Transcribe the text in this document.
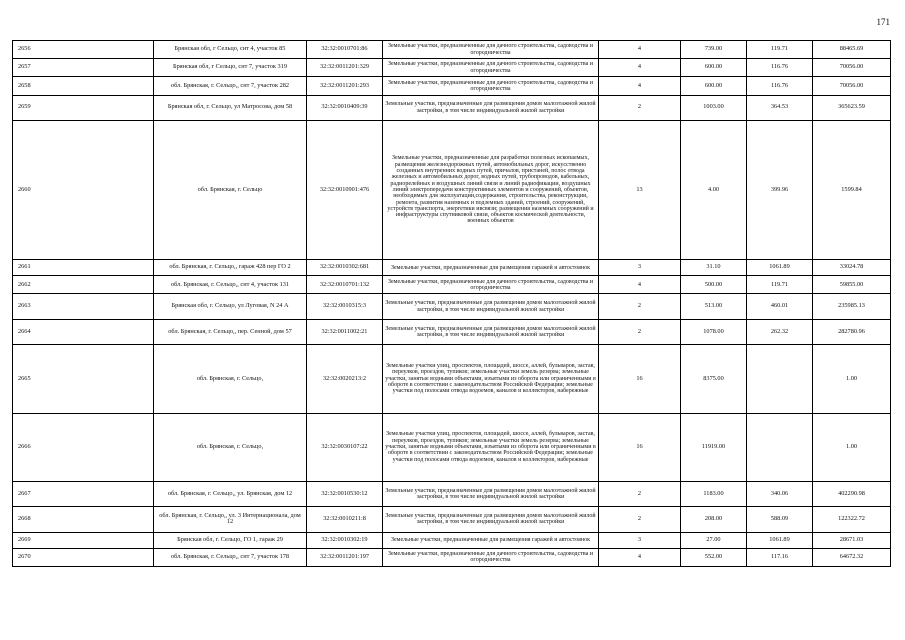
171
2656	Брянская обл, г Сельцо, снт 4, участок 85	32:32:0010701:86	Земельные участки, предназначенные для дачного строительства, садоводства и огородничества	4	739.00	119.71	88465.69
2657	Брянская обл, г Сельцо, снт 7, участок 319	32:32:0011201:329	Земельные участки, предназначенные для дачного строительства, садоводства и огородничества	4	600.00	116.76	70056.00
2658	обл. Брянская, г. Сельцо,, снт 7, участок 282	32:32:0011201:293	Земельные участки, предназначенные для дачного строительства, садоводства и огородничества	4	600.00	116.76	70056.00
2659	Брянская обл, г. Сельцо, ул Матросова, дом 58	32:32:0010409:39	Земельные участки, предназначенные для размещения домов малоэтажной жилой застройки, в том числе индивидуальной жилой застройки	2	1003.00	364.53	365623.59
2660	обл. Брянская, г. Сельцо	32:32:0010901:476	Земельные участки, предназначенные для разработки полезных ископаемых, размещения железнодорожных путей, автомобильных дорог, искусственно созданных внутренних водных путей, причалов, пристаней, полос отвода железных и автомобильных дорог, водных путей, трубопроводов, кабельных, радиорелейных и воздушных линий связи и линий радиофикации, воздушных линий электропередачи конструктивных элементов и сооружений, объектов, необходимых для эксплуатации,содержания, строительства, реконструкции, ремонта, развития наземных и подземных зданий, строений, сооружений, устройств транспорта, энергетики ивсвязи; размещения наземных сооружений и инфраструктуры спутниковой связи, объектов космической деятельности, военных объектов	13	4.00	399.96	1599.84
2661	обл. Брянская, г. Сельцо,, гараж 428 пер ГО 2	32:32:0010302:681	Земельные участки, предназначенные для размещения гаражей и автостоянок	3	31.10	1061.89	33024.78
2662	обл. Брянская, г. Сельцо,, снт 4, участок 131	32:32:0010701:132	Земельные участки, предназначенные для дачного строительства, садоводства и огородничества	4	500.00	119.71	59855.00
2663	Брянская обл, г. Сельцо, ул Луговая, N 24 А	32:32:0010315:3	Земельные участки, предназначенные для размещения домов малоэтажной жилой застройки, в том числе индивидуальной жилой застройки	2	513.00	460.01	235985.13
2664	обл. Брянская, г. Сельцо,, пер. Сенной, дом 57	32:32:0011002:21	Земельные участки, предназначенные для размещения домов малоэтажной жилой застройки, в том числе индивидуальной жилой застройки	2	1078.00	262.32	282780.96
2665	обл. Брянская, г. Сельцо,	32:32:0020213:2	Земельные участки улиц, проспектов, площадей, шоссе, аллей, бульваров, застав, переулков, проездов, тупиков; земельные участки земель резерва; земельные участки, занятые водными объектами, изъятыми из оборота или ограниченными в обороте в соответствии с законодательством Российской Федерации; земельные участки под полосами отвода водоемов, каналов и коллекторов, набережные	16	8375.00		1.00
2666	обл. Брянская, г. Сельцо,	32:32:0030107:22	Земельные участки улиц, проспектов, площадей, шоссе, аллей, бульваров, застав, переулков, проездов, тупиков; земельные участки земель резерва; земельные участки, занятые водными объектами, изъятыми из оборота или ограниченными в обороте в соответствии с законодательством Российской Федерации; земельные участки под полосами отвода водоемов, каналов и коллекторов, набережные	16	11919.00		1.00
2667	обл. Брянская, г. Сельцо,, ул. Брянская, дом 12	32:32:0010530:12	Земельные участки, предназначенные для размещения домов малоэтажной жилой застройки, в том числе индивидуальной жилой застройки	2	1183.00	340.06	402290.98
2668	обл. Брянская, г. Сельцо,, ул. 3 Интернационала, дом 12	32:32:0010211:8	Земельные участки, предназначенные для размещения домов малоэтажной жилой застройки, в том числе индивидуальной жилой застройки	2	208.00	588.09	122322.72
2669	Брянская обл, г. Сельцо, ГО 1, гараж 29	32:32:0010302:19	Земельные участки, предназначенные для размещения гаражей и автостоянок	3	27.00	1061.89	28671.03
2670	обл. Брянская, г. Сельцо,, снт 7, участок 178	32:32:0011201:197	Земельные участки, предназначенные для дачного строительства, садоводства и огородничества	4	552.00	117.16	64672.32
